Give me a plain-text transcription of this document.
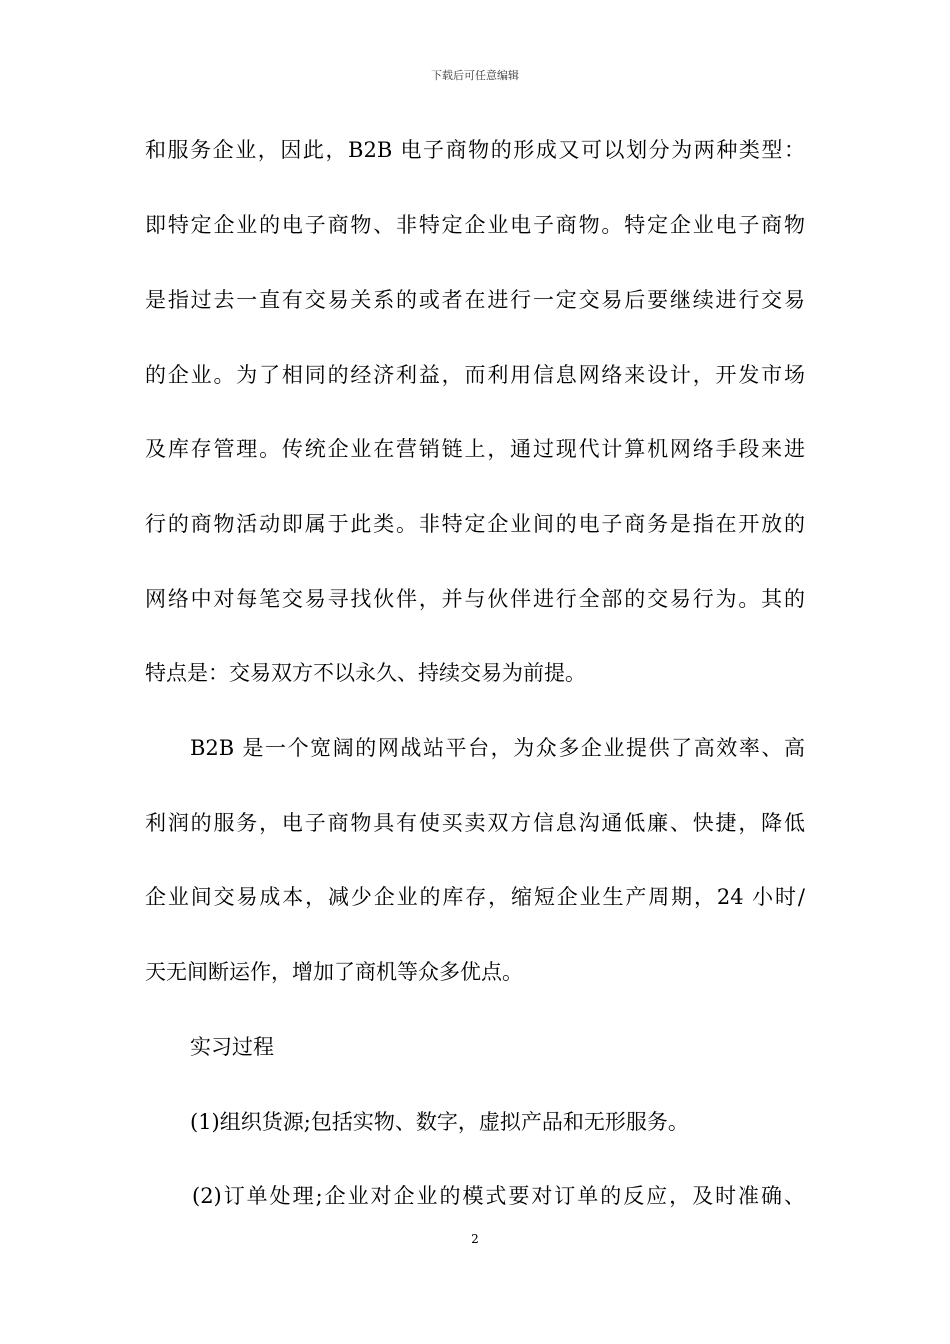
下载后可任意编辑
和服务企业，因此，B2B 电子商物的形成又可以划分为两种类型：
即特定企业的电子商物、非特定企业电子商物。特定企业电子商物
是指过去一直有交易关系的或者在进行一定交易后要继续进行交易
的企业。为了相同的经济利益，而利用信息网络来设计，开发市场
及库存管理。传统企业在营销链上，通过现代计算机网络手段来进
行的商物活动即属于此类。非特定企业间的电子商务是指在开放的
网络中对每笔交易寻找伙伴，并与伙伴进行全部的交易行为。其的
特点是：交易双方不以永久、持续交易为前提。
B2B 是一个宽阔的网战站平台，为众多企业提供了高效率、高
利润的服务，电子商物具有使买卖双方信息沟通低廉、快捷，降低
企业间交易成本，减少企业的库存，缩短企业生产周期，24 小时/
天无间断运作，增加了商机等众多优点。
实习过程
(1)组织货源;包括实物、数字，虚拟产品和无形服务。
(2)订单处理;企业对企业的模式要对订单的反应，及时准确、
2
